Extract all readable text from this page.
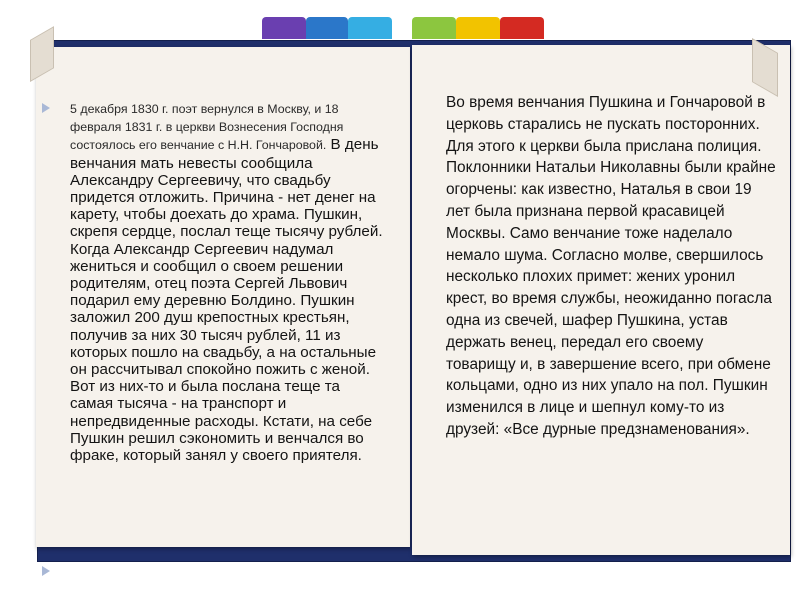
5 декабря 1830 г. поэт вернулся в Москву, и 18 февраля 1831 г. в церкви Вознесения Господня состоялось его венчание с Н.Н. Гончаровой. В день венчания мать невесты сообщила Александру Сергеевичу, что свадьбу придется отложить. Причина - нет денег на карету, чтобы доехать до храма. Пушкин, скрепя сердце, послал теще тысячу рублей. Когда Александр Сергеевич надумал жениться и сообщил о своем решении родителям, отец поэта Сергей Львович подарил ему деревню Болдино. Пушкин заложил 200 душ крепостных крестьян, получив за них 30 тысяч рублей, 11 из которых пошло на свадьбу, а на остальные он рассчитывал спокойно пожить с женой. Вот из них-то и была послана теще та самая тысяча - на транспорт и непредвиденные расходы. Кстати, на себе Пушкин решил сэкономить и венчался во фраке, который занял у своего приятеля.
Во время венчания Пушкина и Гончаровой в церковь старались не пускать посторонних. Для этого к церкви была прислана полиция. Поклонники Натальи Николавны были крайне огорчены: как известно, Наталья в свои 19 лет была признана первой красавицей Москвы. Само венчание тоже наделало немало шума. Согласно молве, свершилось несколько плохих примет: жених уронил крест, во время службы, неожиданно погасла одна из свечей, шафер Пушкина, устав держать венец, передал его своему товарищу и, в завершение всего, при обмене кольцами, одно из них упало на пол. Пушкин изменился в лице и шепнул кому-то из друзей: «Все дурные предзнаменования».
